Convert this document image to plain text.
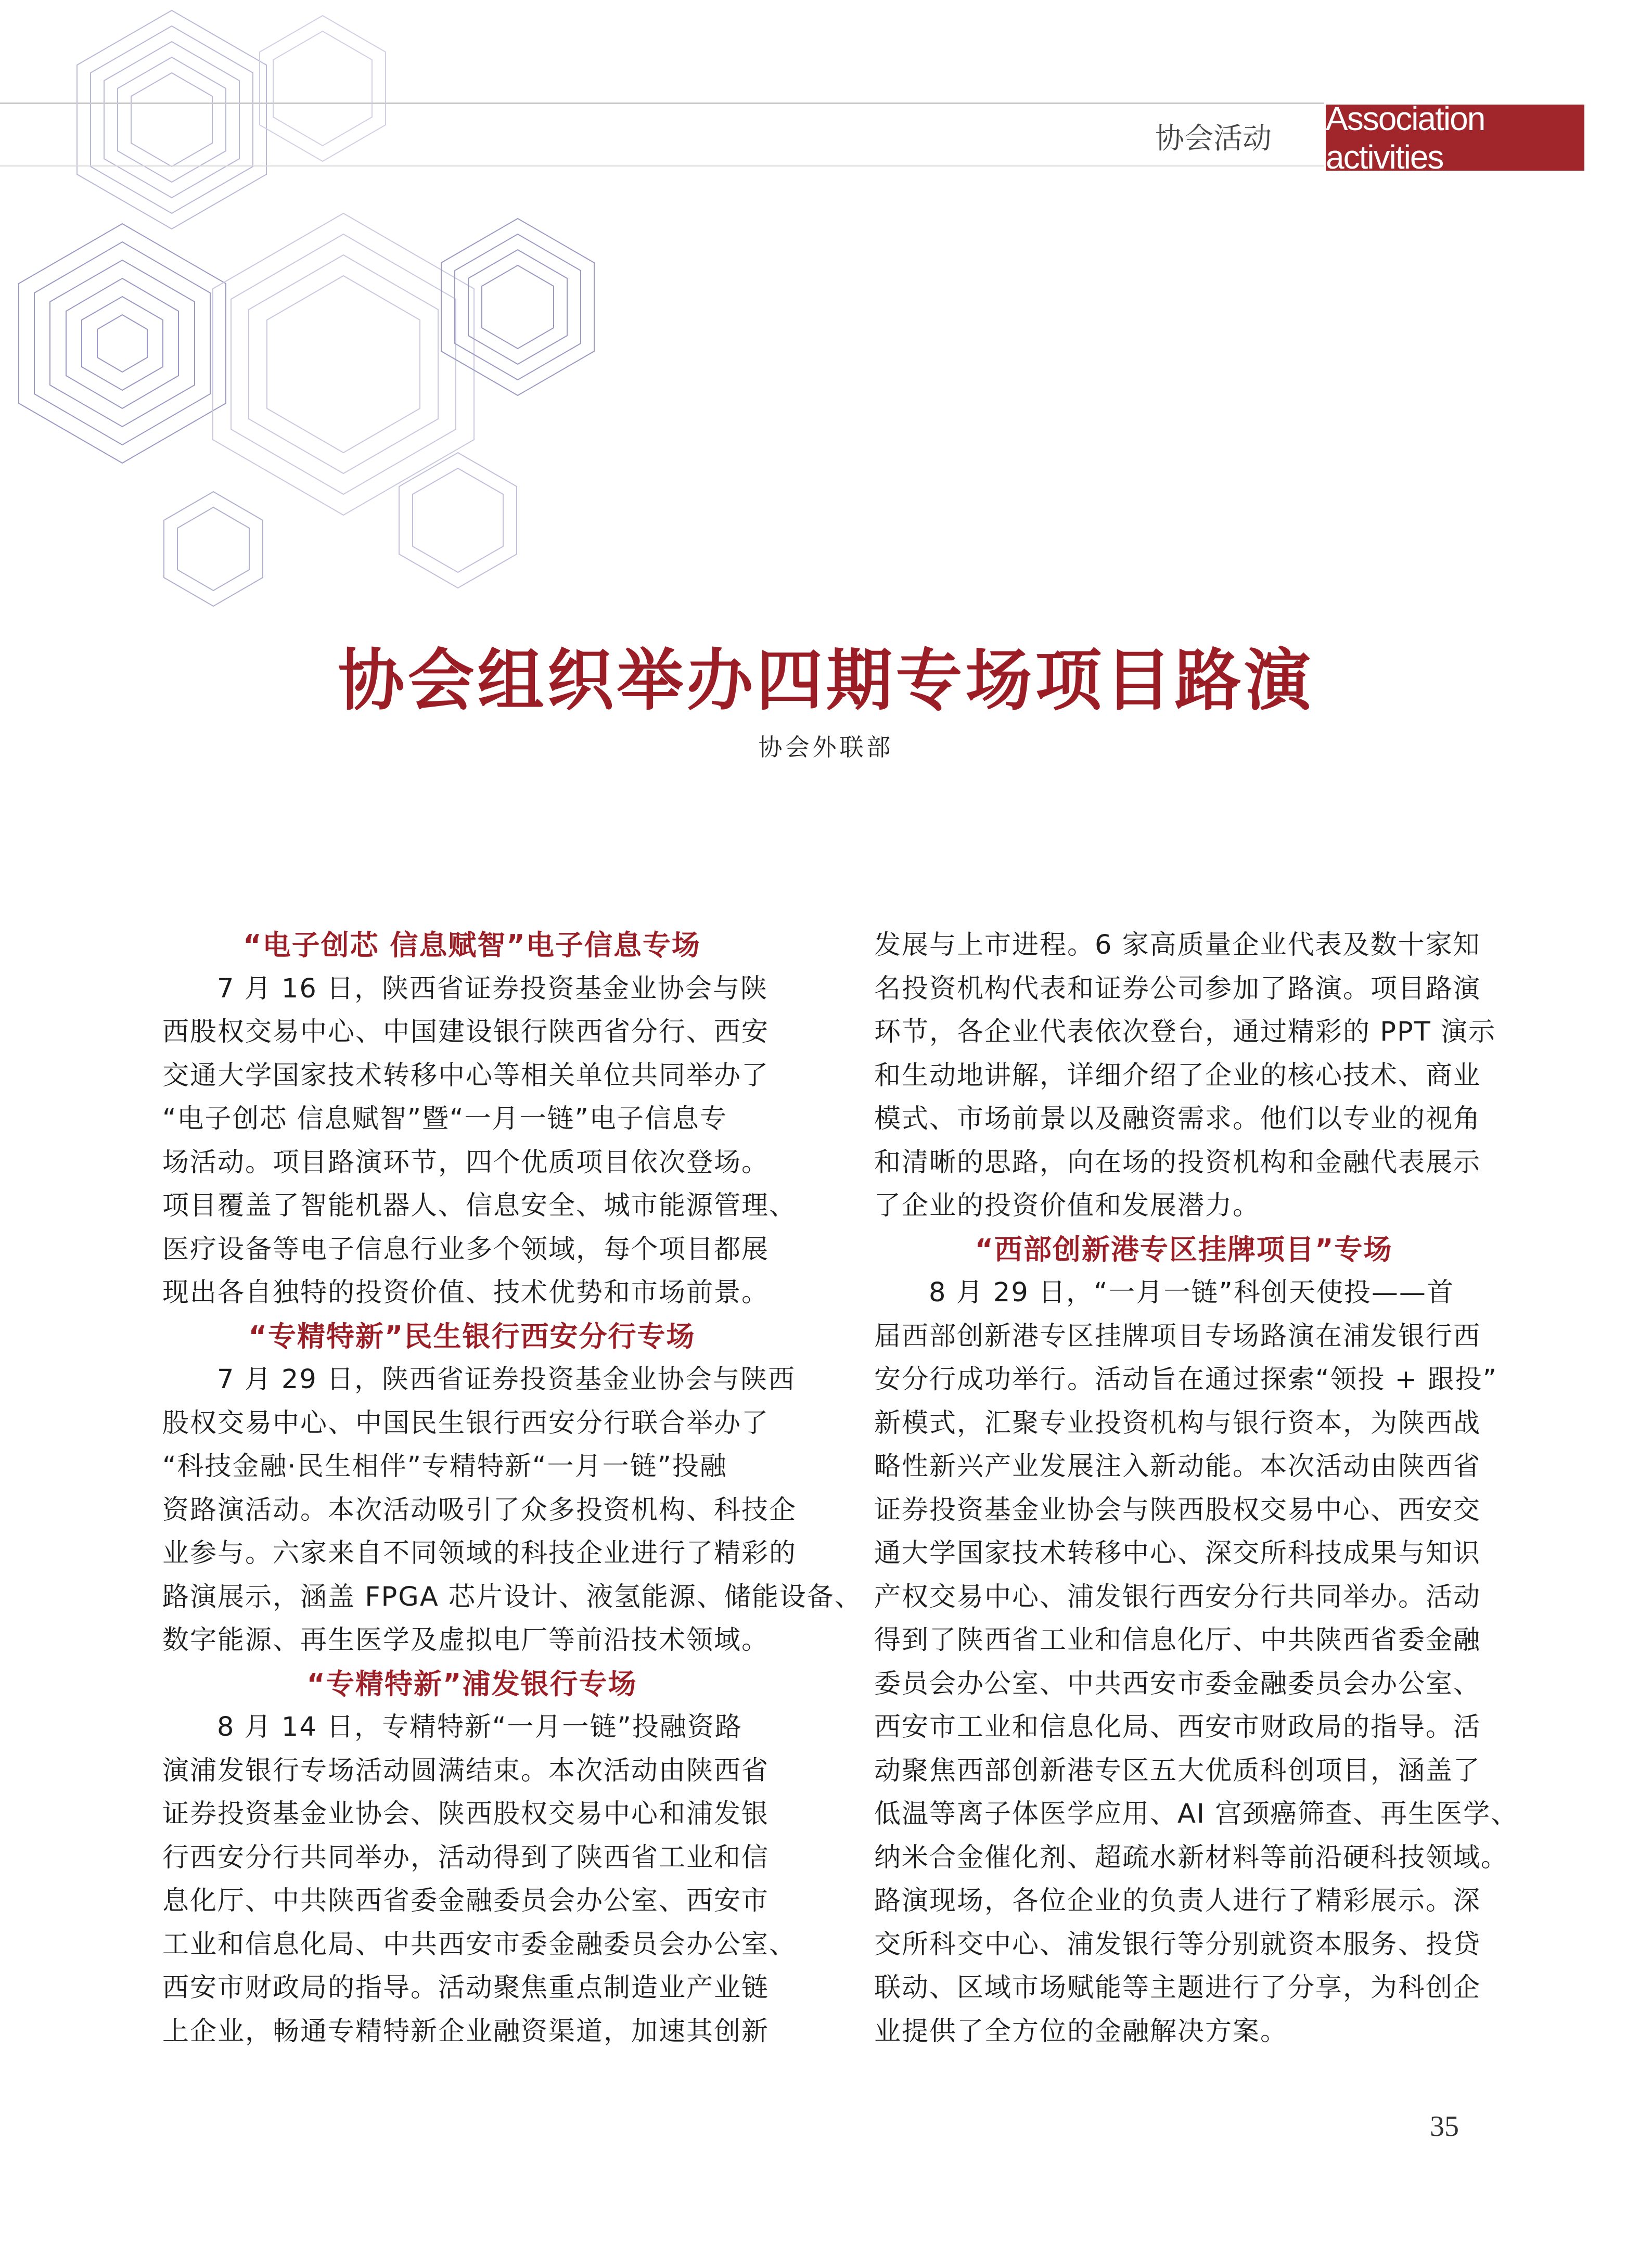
协会活动
Association activities
协会组织举办四期专场项目路演
协会外联部
“电子创芯 信息赋智”电子信息专场
7 月 16 日，陕西省证券投资基金业协会与陕
西股权交易中心、中国建设银行陕西省分行、西安
交通大学国家技术转移中心等相关单位共同举办了
“电子创芯 信息赋智”暨“一月一链”电子信息专
场活动。项目路演环节，四个优质项目依次登场。
项目覆盖了智能机器人、信息安全、城市能源管理、
医疗设备等电子信息行业多个领域，每个项目都展
现出各自独特的投资价值、技术优势和市场前景。
“专精特新”民生银行西安分行专场
7 月 29 日，陕西省证券投资基金业协会与陕西
股权交易中心、中国民生银行西安分行联合举办了
“科技金融·民生相伴”专精特新“一月一链”投融
资路演活动。本次活动吸引了众多投资机构、科技企
业参与。六家来自不同领域的科技企业进行了精彩的
路演展示，涵盖 FPGA 芯片设计、液氢能源、储能设备、
数字能源、再生医学及虚拟电厂等前沿技术领域。
“专精特新”浦发银行专场
8 月 14 日，专精特新“一月一链”投融资路
演浦发银行专场活动圆满结束。本次活动由陕西省
证券投资基金业协会、陕西股权交易中心和浦发银
行西安分行共同举办，活动得到了陕西省工业和信
息化厅、中共陕西省委金融委员会办公室、西安市
工业和信息化局、中共西安市委金融委员会办公室、
西安市财政局的指导。活动聚焦重点制造业产业链
上企业，畅通专精特新企业融资渠道，加速其创新
发展与上市进程。6 家高质量企业代表及数十家知
名投资机构代表和证券公司参加了路演。项目路演
环节，各企业代表依次登台，通过精彩的 PPT 演示
和生动地讲解，详细介绍了企业的核心技术、商业
模式、市场前景以及融资需求。他们以专业的视角
和清晰的思路，向在场的投资机构和金融代表展示
了企业的投资价值和发展潜力。
“西部创新港专区挂牌项目”专场
8 月 29 日，“一月一链”科创天使投——首
届西部创新港专区挂牌项目专场路演在浦发银行西
安分行成功举行。活动旨在通过探索“领投 + 跟投”
新模式，汇聚专业投资机构与银行资本，为陕西战
略性新兴产业发展注入新动能。本次活动由陕西省
证券投资基金业协会与陕西股权交易中心、西安交
通大学国家技术转移中心、深交所科技成果与知识
产权交易中心、浦发银行西安分行共同举办。活动
得到了陕西省工业和信息化厅、中共陕西省委金融
委员会办公室、中共西安市委金融委员会办公室、
西安市工业和信息化局、西安市财政局的指导。活
动聚焦西部创新港专区五大优质科创项目，涵盖了
低温等离子体医学应用、AI 宫颈癌筛查、再生医学、
纳米合金催化剂、超疏水新材料等前沿硬科技领域。
路演现场，各位企业的负责人进行了精彩展示。深
交所科交中心、浦发银行等分别就资本服务、投贷
联动、区域市场赋能等主题进行了分享，为科创企
业提供了全方位的金融解决方案。
35
